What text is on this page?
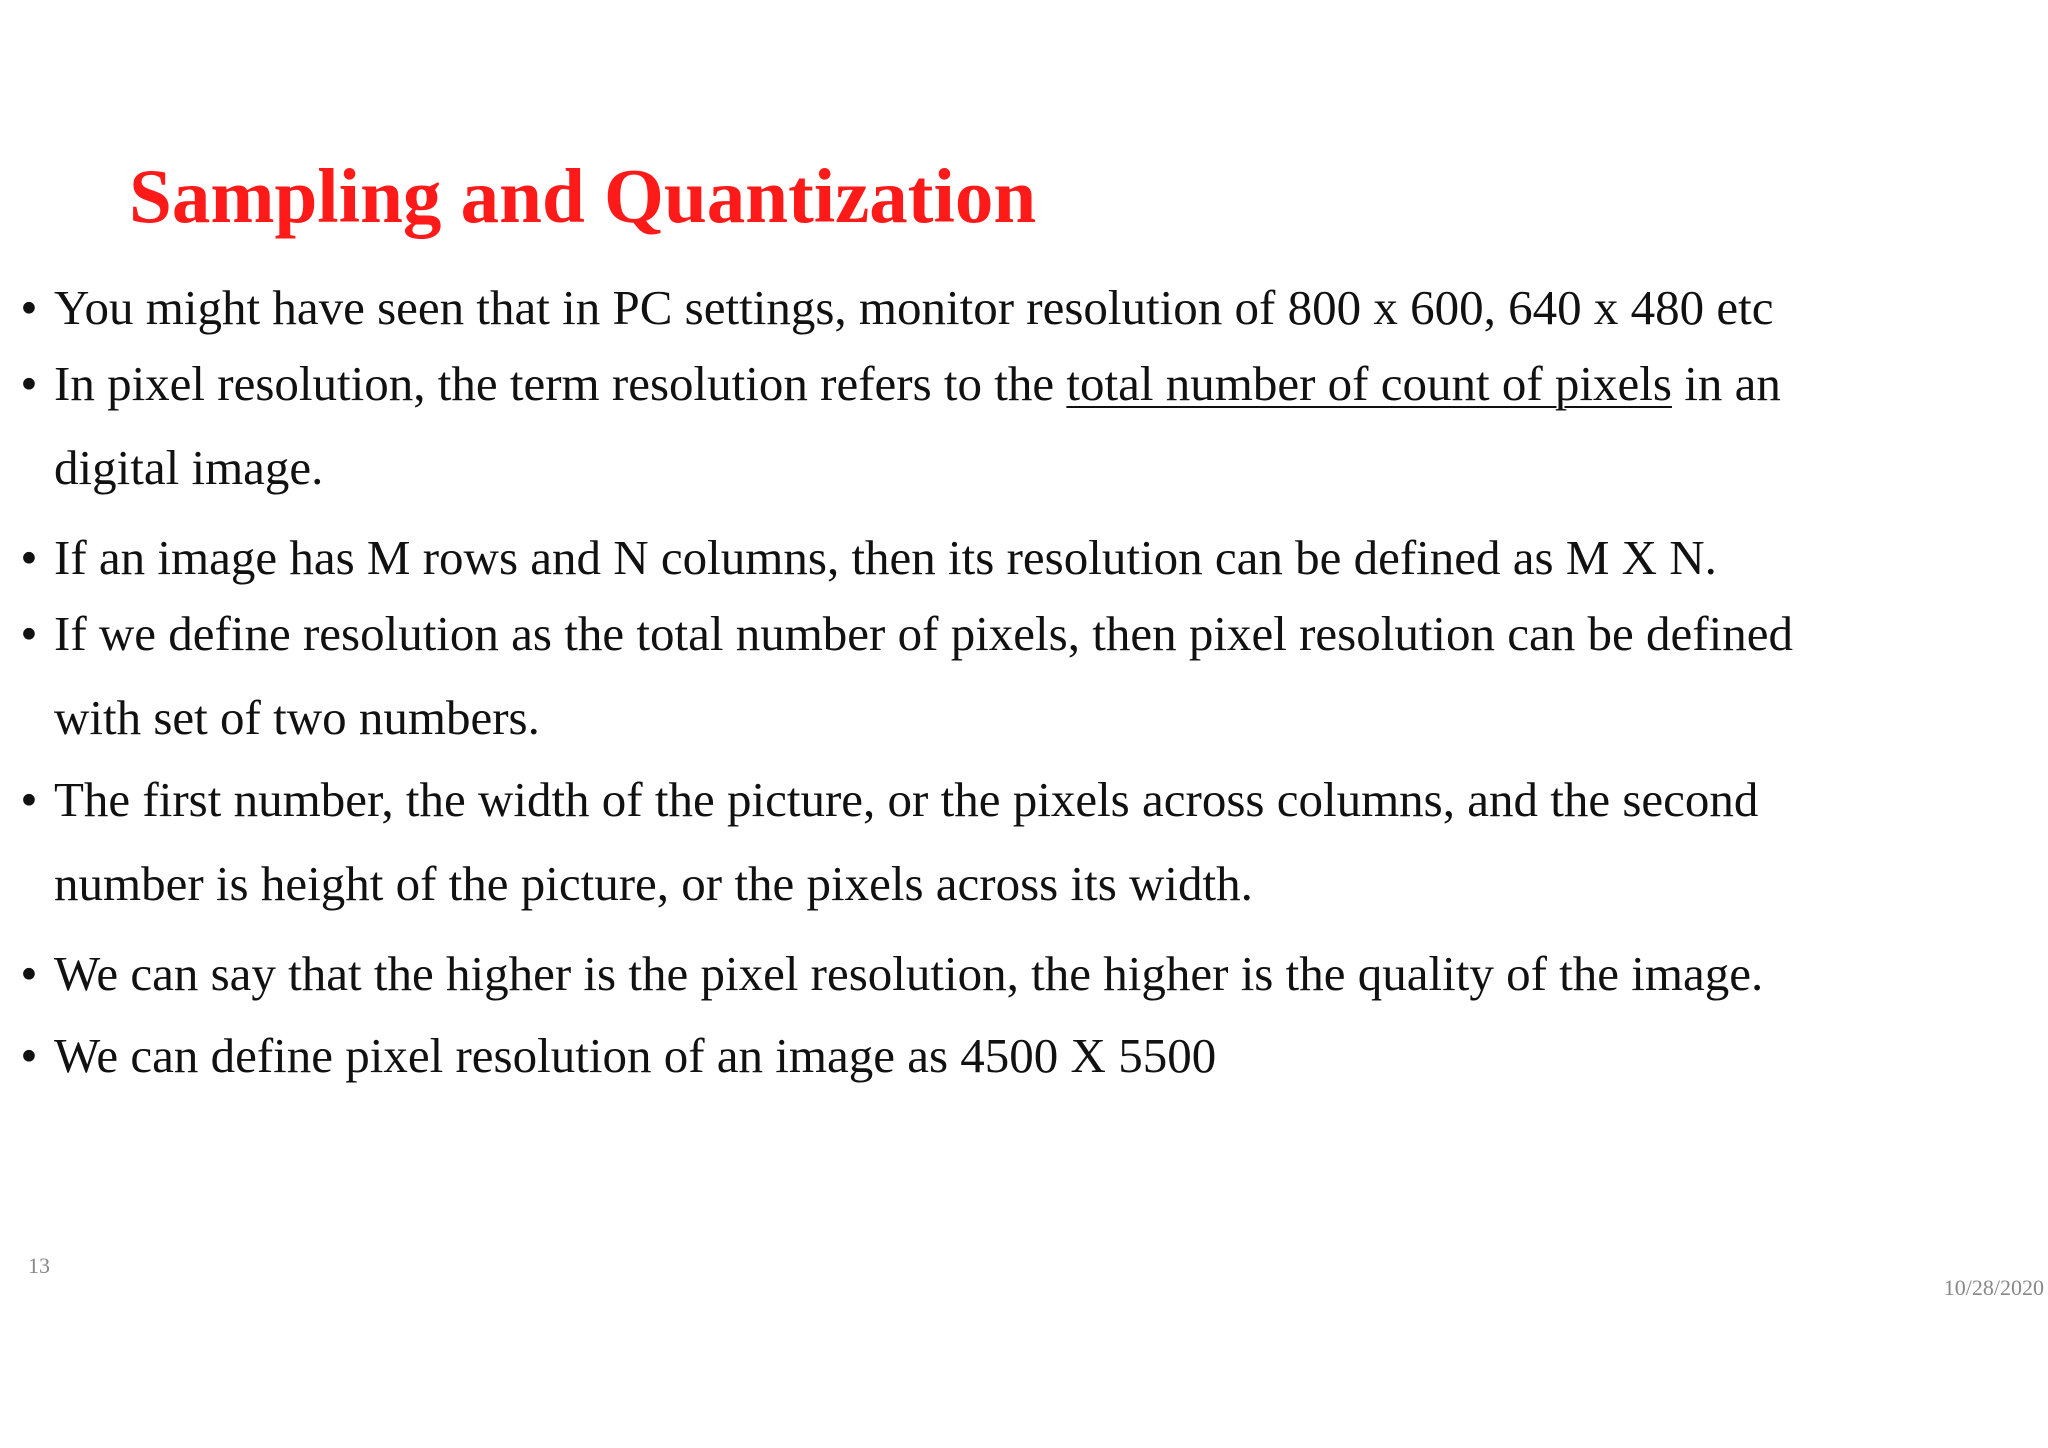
Sampling and Quantization
• You might have seen that in PC settings, monitor resolution of 800 x 600, 640 x 480 etc
• In pixel resolution, the term resolution refers to the total number of count of pixels in an
digital image.
• If an image has M rows and N columns, then its resolution can be defined as M X N.
• If we define resolution as the total number of pixels, then pixel resolution can be defined
with set of two numbers.
• The first number, the width of the picture, or the pixels across columns, and the second
number is height of the picture, or the pixels across its width.
• We can say that the higher is the pixel resolution, the higher is the quality of the image.
• We can define pixel resolution of an image as 4500 X 5500
13
10/28/2020
